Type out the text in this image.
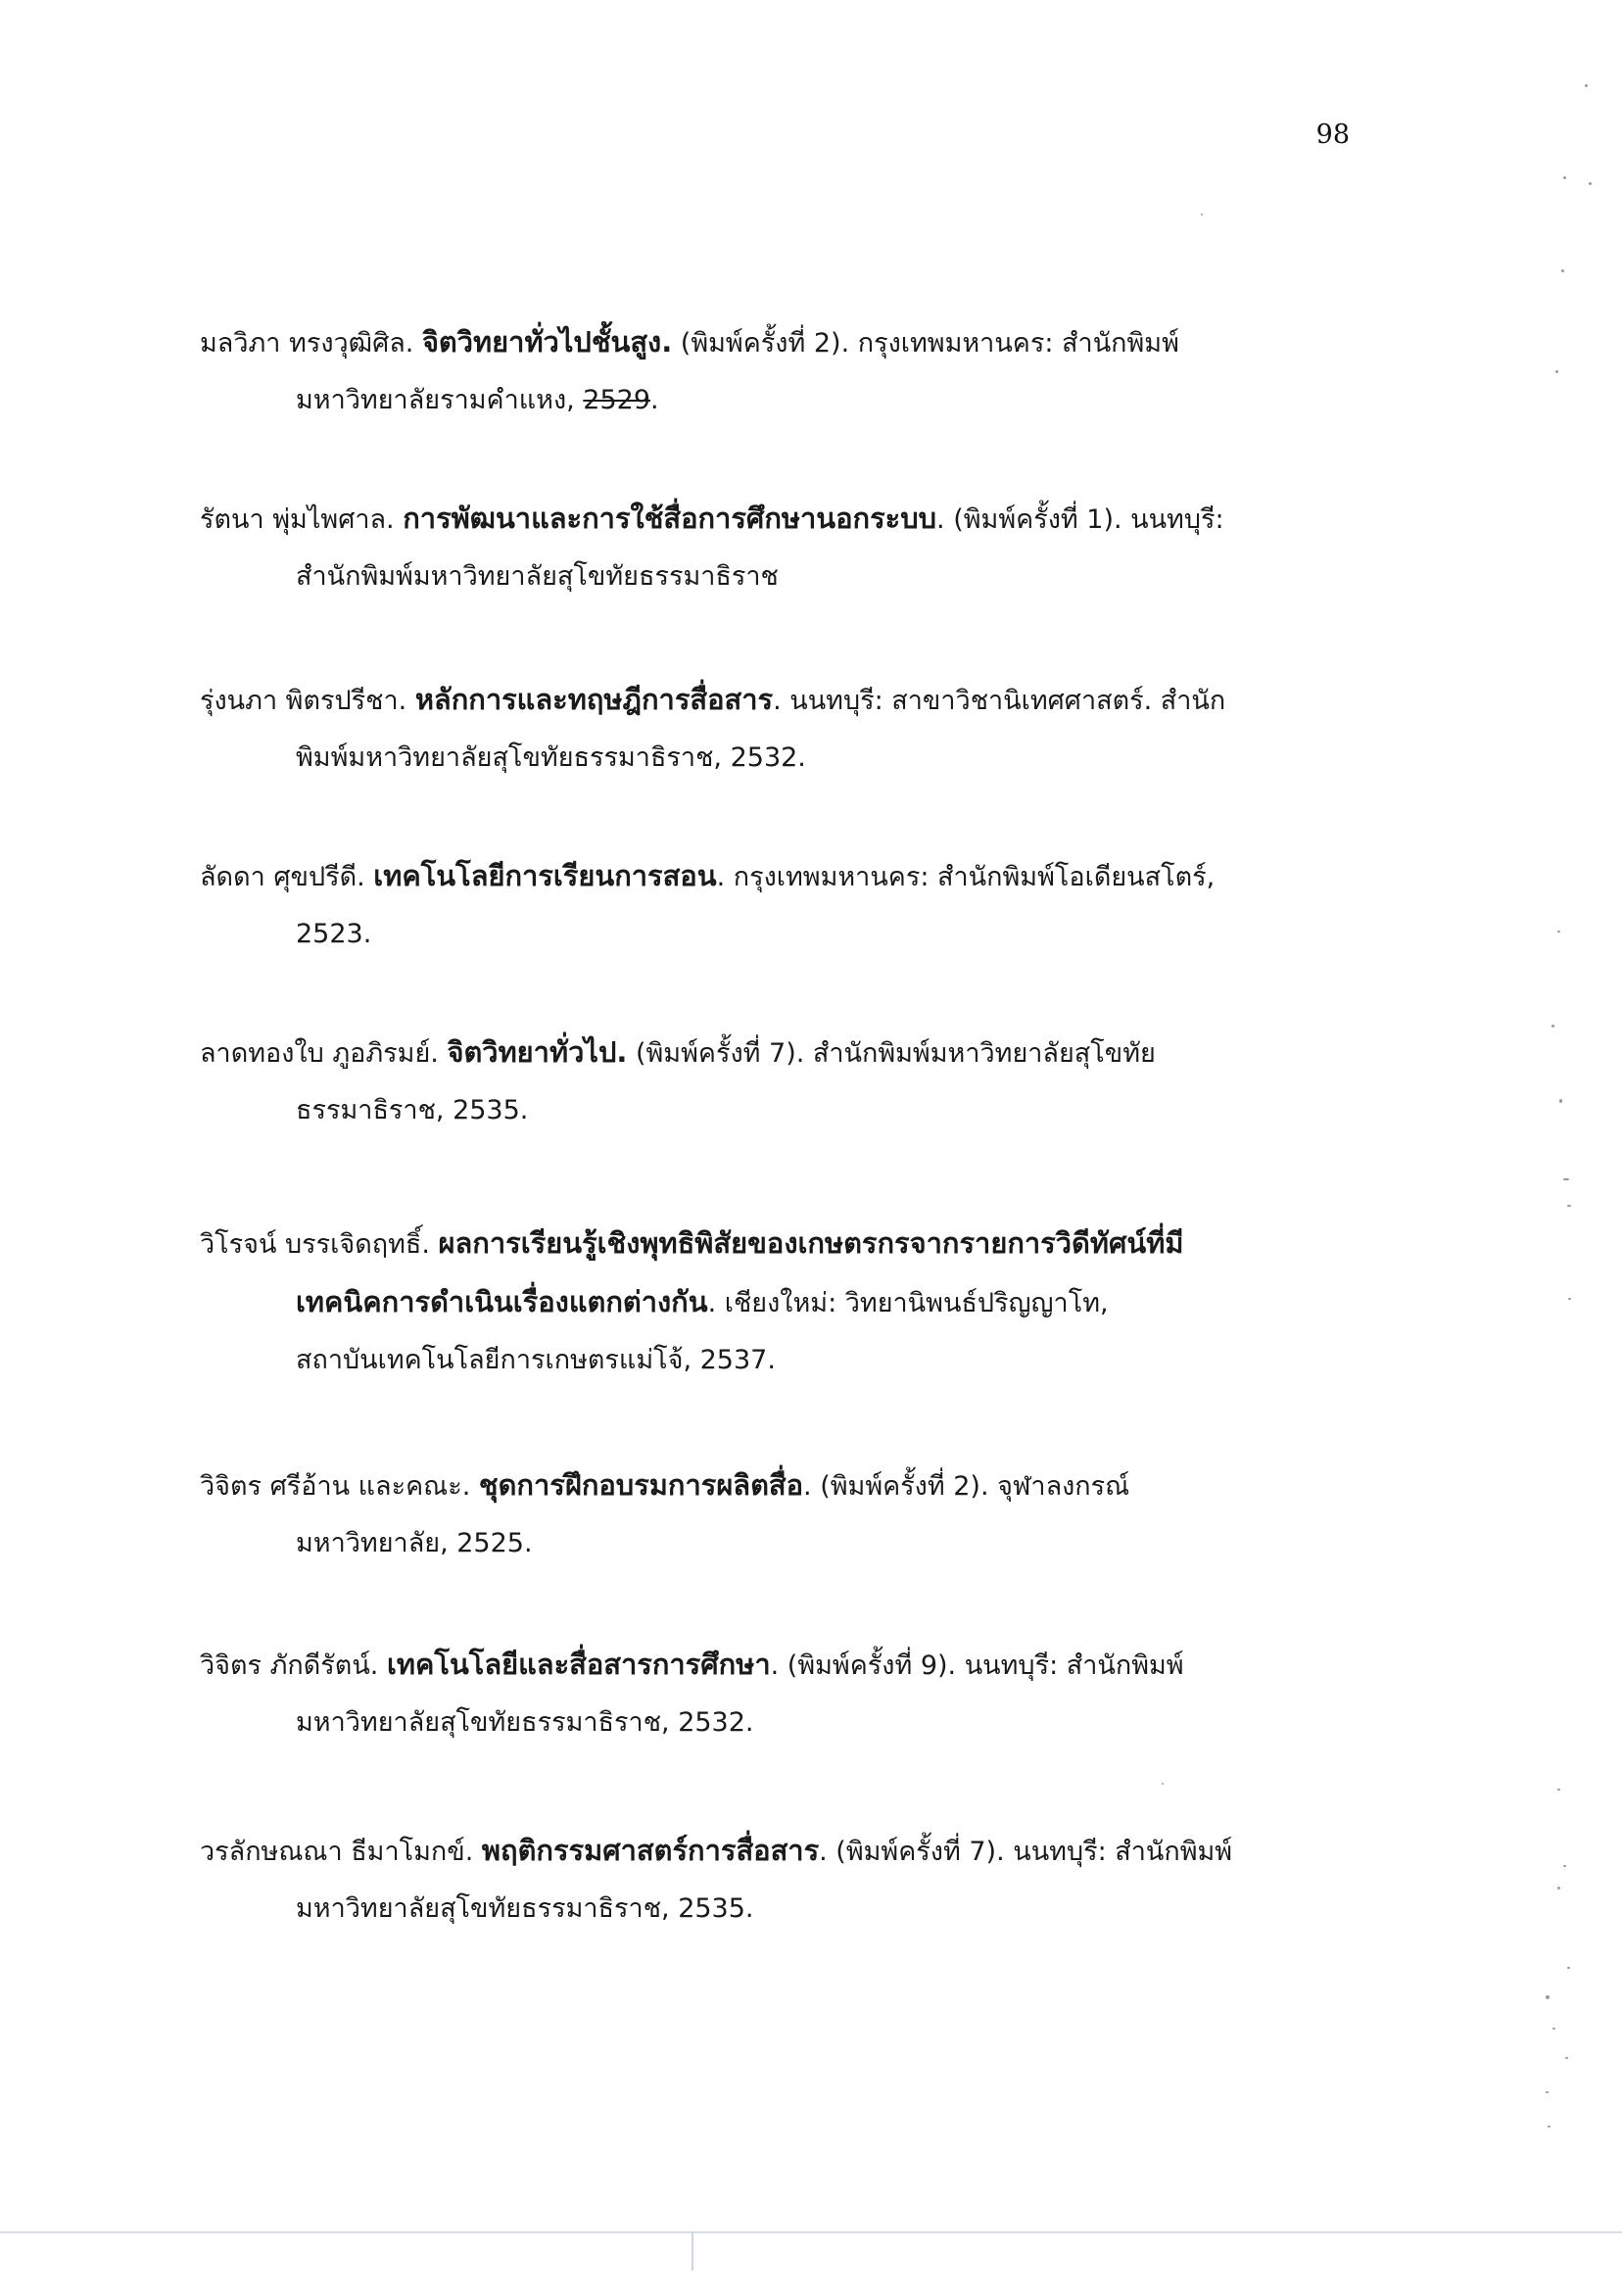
98
มลวิภา ทรงวุฒิศิล. จิตวิทยาทั่วไปชั้นสูง. (พิมพ์ครั้งที่ 2). กรุงเทพมหานคร: สำนักพิมพ์
มหาวิทยาลัยรามคำแหง, 2529.
รัตนา พุ่มไพศาล. การพัฒนาและการใช้สื่อการศึกษานอกระบบ. (พิมพ์ครั้งที่ 1). นนทบุรี:
สำนักพิมพ์มหาวิทยาลัยสุโขทัยธรรมาธิราช
รุ่งนภา พิตรปรีชา. หลักการและทฤษฎีการสื่อสาร. นนทบุรี: สาขาวิชานิเทศศาสตร์. สำนัก
พิมพ์มหาวิทยาลัยสุโขทัยธรรมาธิราช, 2532.
ลัดดา ศุขปรีดี. เทคโนโลยีการเรียนการสอน. กรุงเทพมหานคร: สำนักพิมพ์โอเดียนสโตร์,
2523.
ลาดทองใบ ภูอภิรมย์. จิตวิทยาทั่วไป. (พิมพ์ครั้งที่ 7). สำนักพิมพ์มหาวิทยาลัยสุโขทัย
ธรรมาธิราช, 2535.
วิโรจน์ บรรเจิดฤทธิ์. ผลการเรียนรู้เชิงพุทธิพิสัยของเกษตรกรจากรายการวิดีทัศน์ที่มี
เทคนิคการดำเนินเรื่องแตกต่างกัน. เชียงใหม่: วิทยานิพนธ์ปริญญาโท,
สถาบันเทคโนโลยีการเกษตรแม่โจ้, 2537.
วิจิตร ศรีอ้าน และคณะ. ชุดการฝึกอบรมการผลิตสื่อ. (พิมพ์ครั้งที่ 2). จุฬาลงกรณ์
มหาวิทยาลัย, 2525.
วิจิตร ภักดีรัตน์. เทคโนโลยีและสื่อสารการศึกษา. (พิมพ์ครั้งที่ 9). นนทบุรี: สำนักพิมพ์
มหาวิทยาลัยสุโขทัยธรรมาธิราช, 2532.
วรลักษณณา ธีมาโมกข์. พฤติกรรมศาสตร์การสื่อสาร. (พิมพ์ครั้งที่ 7). นนทบุรี: สำนักพิมพ์
มหาวิทยาลัยสุโขทัยธรรมาธิราช, 2535.
